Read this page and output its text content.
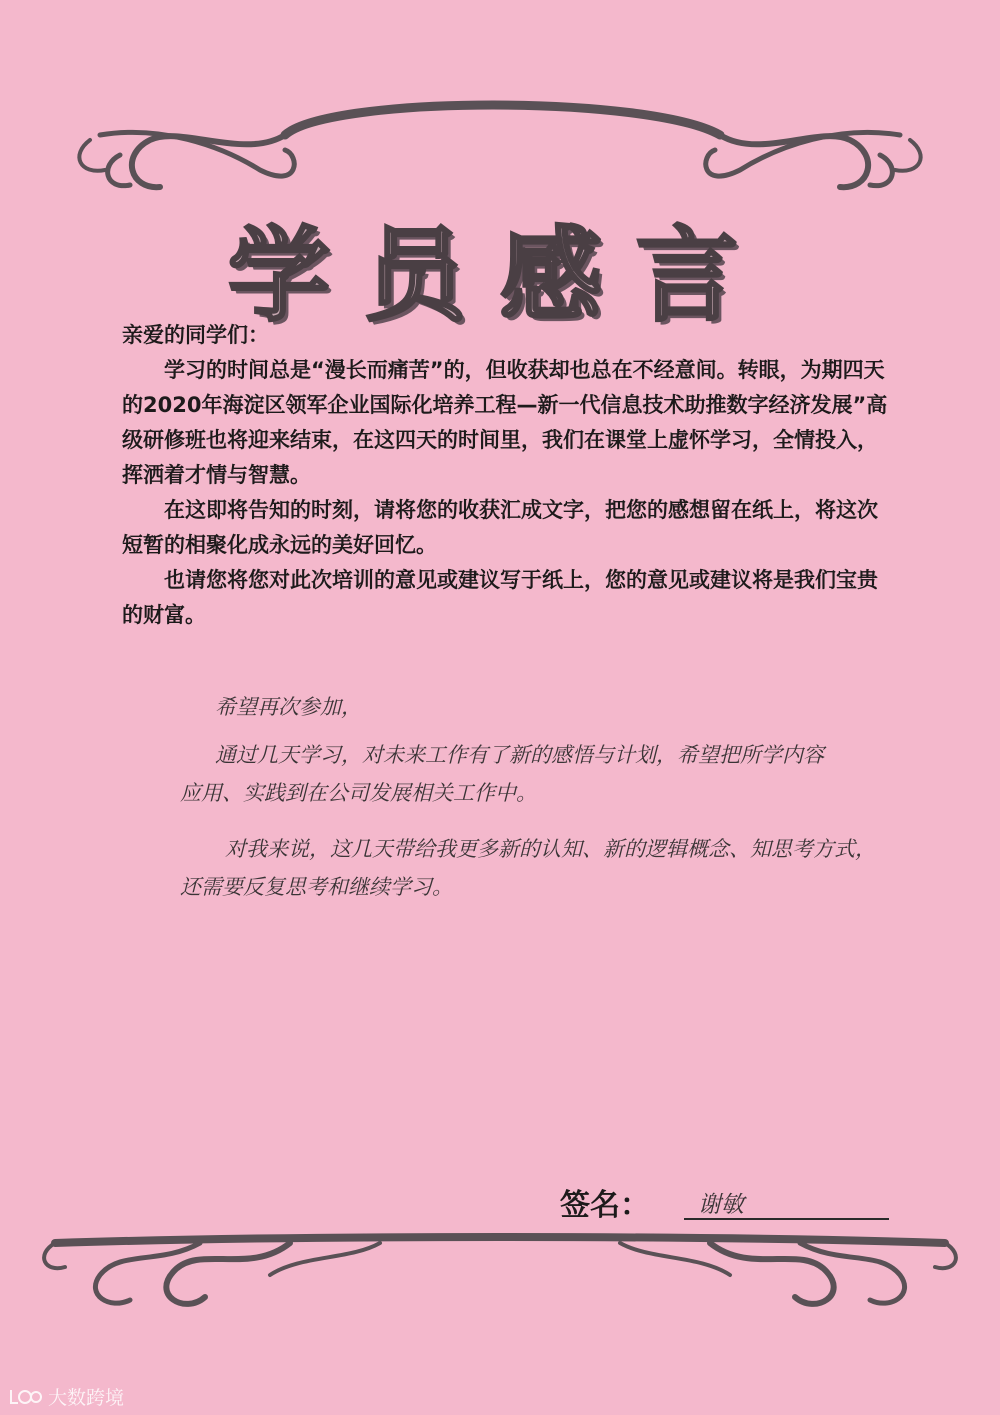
学员感言

亲爱的同学们：

学习的时间总是“漫长而痛苦”的，但收获却也总在不经意间。转眼，为期四天的2020年海淀区领军企业国际化培养工程—新一代信息技术助推数字经济发展”高级研修班也将迎来结束，在这四天的时间里，我们在课堂上虚怀学习，全情投入，挥洒着才情与智慧。

在这即将告知的时刻，请将您的收获汇成文字，把您的感想留在纸上，将这次短暂的相聚化成永远的美好回忆。

也请您将您对此次培训的意见或建议写于纸上，您的意见或建议将是我们宝贵的财富。

希望再次参加，

通过几天学习，对未来工作有了新的感悟与计划，希望把所学内容

应用、实践到在公司发展相关工作中。

对我来说，这几天带给我更多新的认知、新的逻辑概念、知思考方式，

还需要反复思考和继续学习。

签名： 谢敏
大数跨境
